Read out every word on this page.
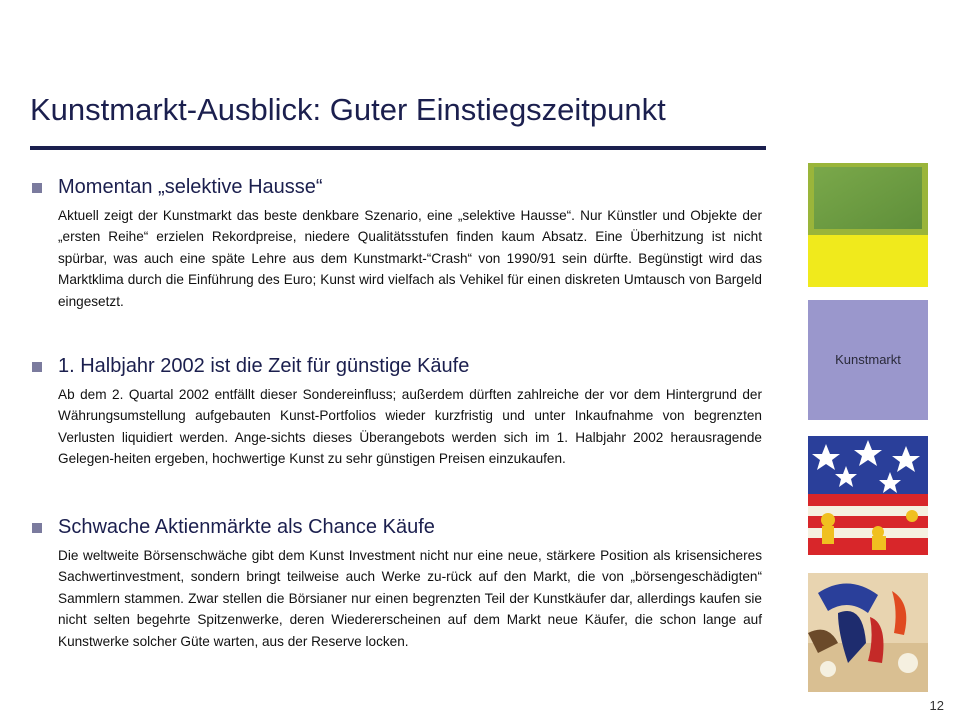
Kunstmarkt-Ausblick: Guter Einstiegszeitpunkt
Momentan „selektive Hausse“
Aktuell zeigt der Kunstmarkt das beste denkbare Szenario, eine „selektive Hausse“. Nur Künstler und Objekte der „ersten Reihe“ erzielen Rekordpreise, niedere Qualitätsstufen finden kaum Absatz. Eine Überhitzung ist nicht spürbar, was auch eine späte Lehre aus dem Kunstmarkt-“Crash“ von 1990/91 sein dürfte. Begünstigt wird das Marktklima durch die Einführung des Euro; Kunst wird vielfach als Vehikel für einen diskreten Umtausch von Bargeld eingesetzt.
1. Halbjahr 2002 ist die Zeit für günstige Käufe
Ab dem 2. Quartal 2002 entfällt dieser Sondereinfluss; außerdem dürften zahlreiche der vor dem Hintergrund der Währungsumstellung aufgebauten Kunst-Portfolios wieder kurzfristig und unter Inkaufnahme von begrenzten Verlusten liquidiert werden. Ange-sichts dieses Überangebots werden sich im 1. Halbjahr 2002 herausragende Gelegen-heiten ergeben, hochwertige Kunst zu sehr günstigen Preisen einzukaufen.
Schwache Aktienmärkte als Chance Käufe
Die weltweite Börsenschwäche gibt dem Kunst Investment nicht nur eine neue, stärkere Position als krisensicheres Sachwertinvestment, sondern bringt teilweise auch Werke zu-rück auf den Markt, die von „börsengeschädigten“ Sammlern stammen. Zwar stellen die Börsianer nur einen begrenzten Teil der Kunstkäufer dar, allerdings kaufen sie nicht selten begehrte Spitzenwerke, deren Wiedererscheinen auf dem Markt neue Käufer, die schon lange auf Kunstwerke solcher Güte warten, aus der Reserve locken.
Kunstmarkt
12
